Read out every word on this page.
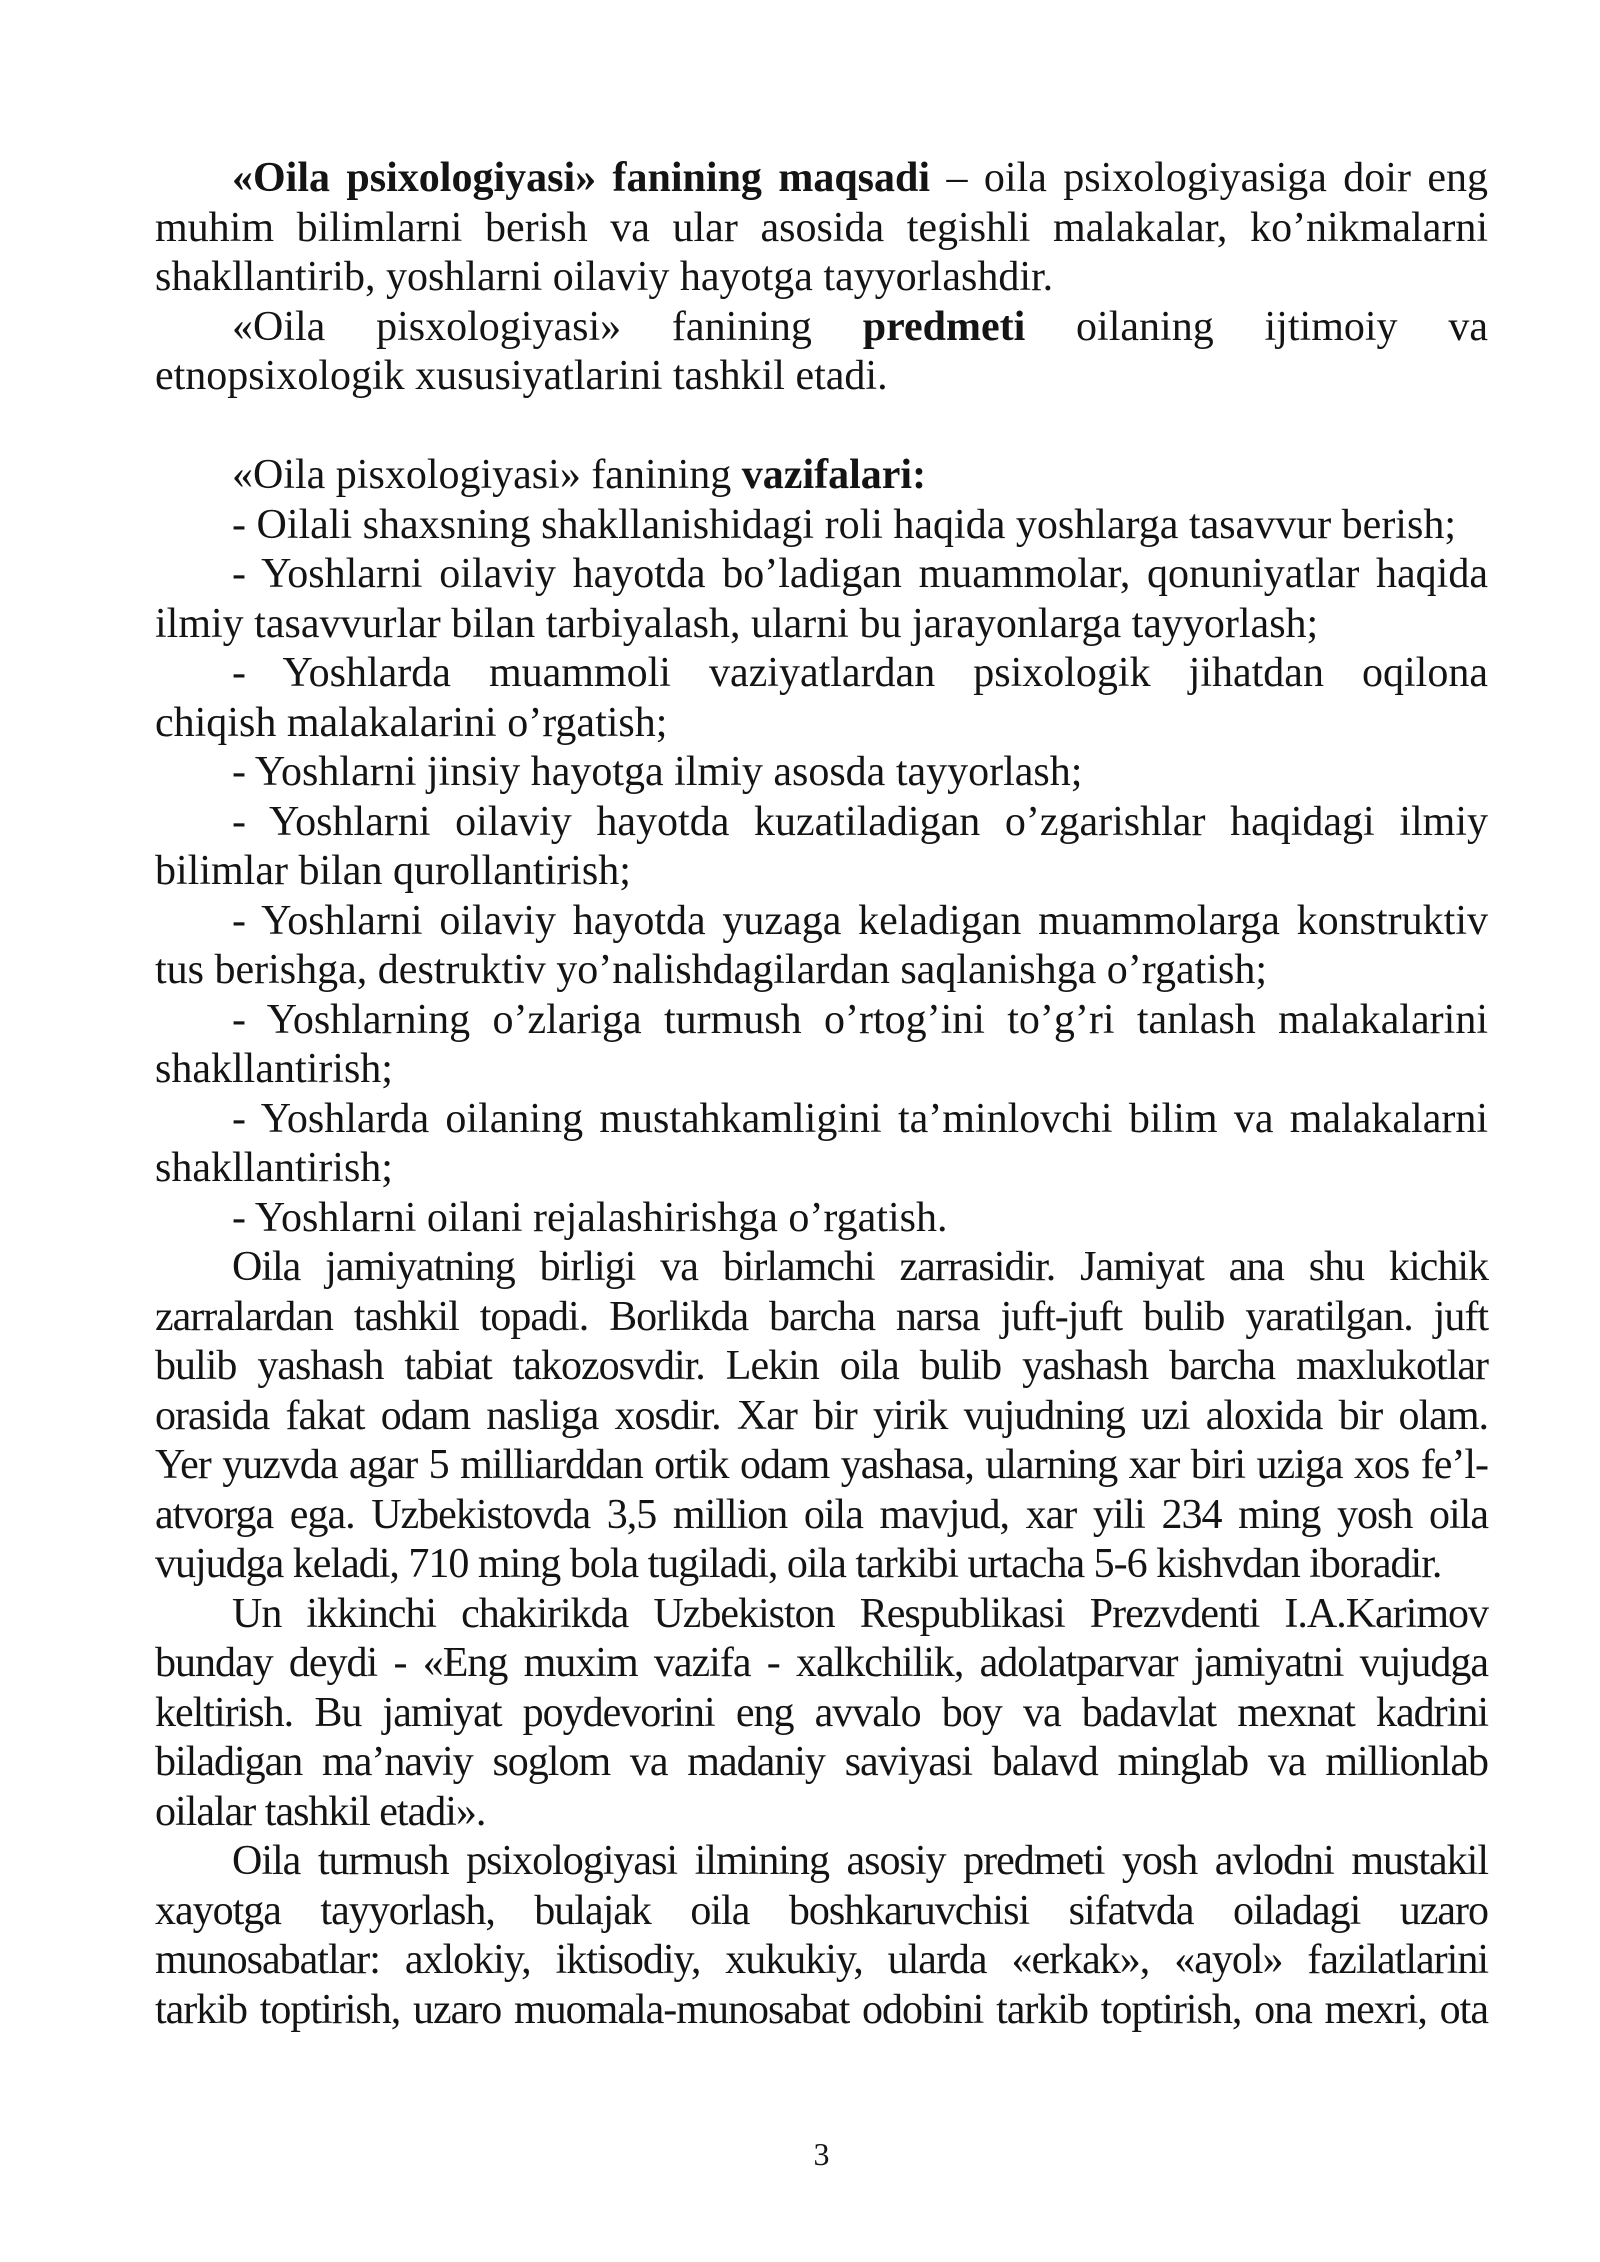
«Oila psixologiyasi» fanining maqsadi – oila psixologiyasiga doir eng
muhim bilimlarni berish va ular asosida tegishli malakalar, ko’nikmalarni
shakllantirib, yoshlarni oilaviy hayotga tayyorlashdir.
«Oila pisxologiyasi» fanining predmeti oilaning ijtimoiy va
etnopsixologik xususiyatlarini tashkil etadi.
«Oila pisxologiyasi» fanining vazifalari:
- Oilali shaxsning shakllanishidagi roli haqida yoshlarga tasavvur berish;
- Yoshlarni oilaviy hayotda bo’ladigan muammolar, qonuniyatlar haqida
ilmiy tasavvurlar bilan tarbiyalash, ularni bu jarayonlarga tayyorlash;
- Yoshlarda muammoli vaziyatlardan psixologik jihatdan oqilona
chiqish malakalarini o’rgatish;
- Yoshlarni jinsiy hayotga ilmiy asosda tayyorlash;
- Yoshlarni oilaviy hayotda kuzatiladigan o’zgarishlar haqidagi ilmiy
bilimlar bilan qurollantirish;
- Yoshlarni oilaviy hayotda yuzaga keladigan muammolarga konstruktiv
tus berishga, destruktiv yo’nalishdagilardan saqlanishga o’rgatish;
- Yoshlarning o’zlariga turmush o’rtog’ini to’g’ri tanlash malakalarini
shakllantirish;
- Yoshlarda oilaning mustahkamligini ta’minlovchi bilim va malakalarni
shakllantirish;
- Yoshlarni oilani rejalashirishga o’rgatish.
Oila jamiyatning birligi va birlamchi zarrasidir. Jamiyat ana shu kichik
zarralardan tashkil topadi. Borlikda barcha narsa juft-juft bulib yaratilgan. juft
bulib yashash tabiat takozosvdir. Lekin oila bulib yashash barcha maxlukotlar
orasida fakat odam nasliga xosdir. Xar bir yirik vujudning uzi aloxida bir olam.
Yer yuzvda agar 5 milliarddan ortik odam yashasa, ularning xar biri uziga xos fe’l-
atvorga ega. Uzbekistovda 3,5 million oila mavjud, xar yili 234 ming yosh oila
vujudga keladi, 710 ming bola tugiladi, oila tarkibi urtacha 5-6 kishvdan iboradir.
Un ikkinchi chakirikda Uzbekiston Respublikasi Prezvdenti I.A.Karimov
bunday deydi - «Eng muxim vazifa - xalkchilik, adolatparvar jamiyatni vujudga
keltirish. Bu jamiyat poydevorini eng avvalo boy va badavlat mexnat kadrini
biladigan ma’naviy soglom va madaniy saviyasi balavd minglab va millionlab
oilalar tashkil etadi».
Oila turmush psixologiyasi ilmining asosiy predmeti yosh avlodni mustakil
xayotga tayyorlash, bulajak oila boshkaruvchisi sifatvda oiladagi uzaro
munosabatlar: axlokiy, iktisodiy, xukukiy, ularda «erkak», «ayol» fazilatlarini
tarkib toptirish, uzaro muomala-munosabat odobini tarkib toptirish, ona mexri, ota
3
